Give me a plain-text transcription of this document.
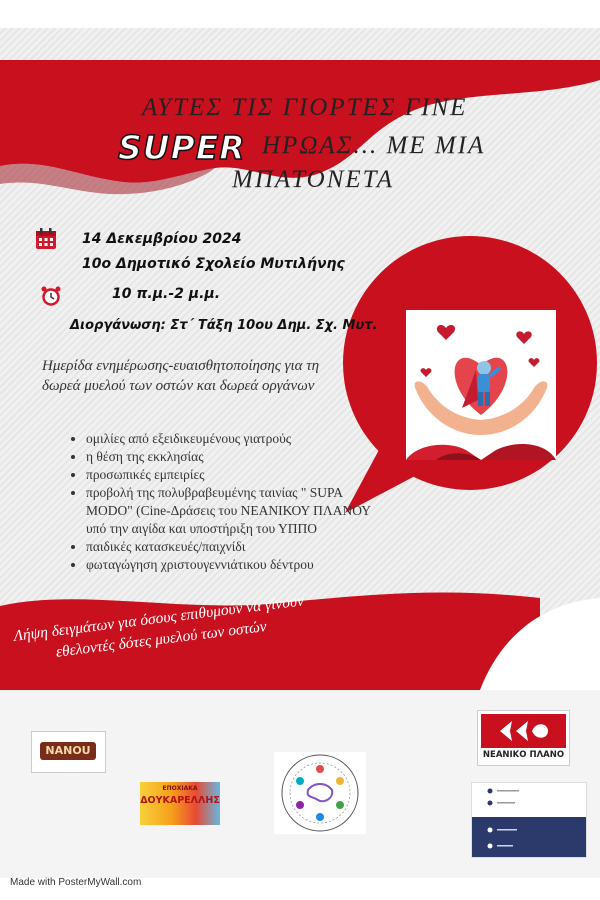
ΑΥΤΕΣ ΤΙΣ ΓΙΟΡΤΕΣ ΓΙΝΕ
SUPER ΗΡΩΑΣ... ΜΕ ΜΙΑ
ΜΠΑΤΟΝΕΤΑ
14 Δεκεμβρίου 2024
10ο Δημοτικό Σχολείο Μυτιλήνης
10 π.μ.-2 μ.μ.
Διοργάνωση: Στ΄ Τάξη 10ου Δημ. Σχ. Μυτ.
Ημερίδα ενημέρωσης-ευαισθητοποίησης για τη δωρεά μυελού των οστών και δωρεά οργάνων
• ομιλίες από εξειδικευμένους γιατρούς
• η θέση της εκκλησίας
• προσωπικές εμπειρίες
• προβολή της πολυβραβευμένης ταινίας " SUPA MODO" (Cine-Δράσεις του ΝΕΑΝΙΚΟΥ ΠΛΑΝΟΥ υπό την αιγίδα και υποστήριξη του ΥΠΠΟ
• παιδικές κατασκευές/παιχνίδι
• φωταγώγηση χριστουγεννιάτικου δέντρου
Λήψη δειγμάτων για όσους επιθυμούν να γίνουν εθελοντές δότες μυελού των οστών
NANOU
ΕΠΟΧΙΑΚΑ
ΔΟΥΚΑΡΕΛΛΗΣ
ΝΕΑΝΙΚΟ ΠΛΑΝΟ
Made with PosterMyWall.com
